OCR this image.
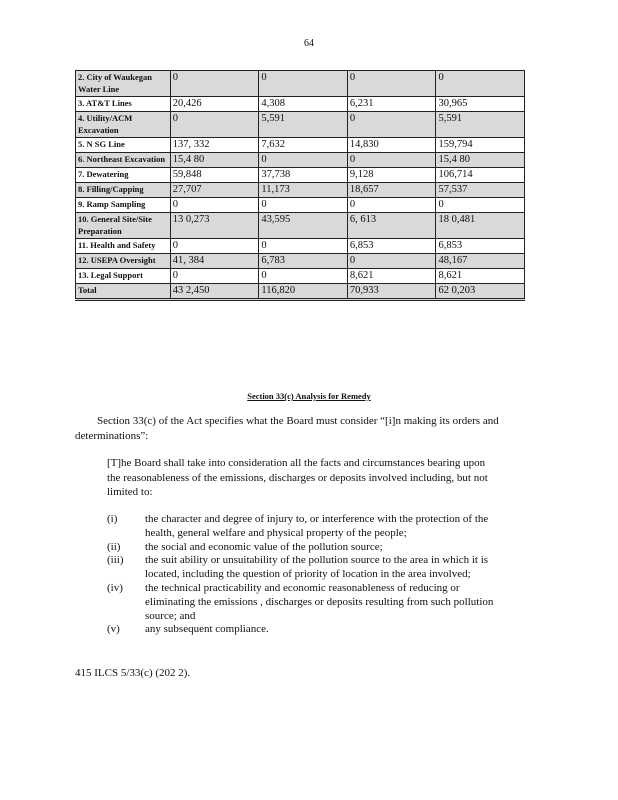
64
2. City of Waukegan Water Line	0	0	0	0
3. AT&T Lines	20,426	4,308	6,231	30,965
4. Utility/ACM Excavation	0	5,591	0	5,591
5. N SG Line	137, 332	7,632	14,830	159,794
6. Northeast Excavation	15,4 80	0	0	15,4 80
7. Dewatering	59,848	37,738	9,128	106,714
8. Filling/Capping	27,707	11,173	18,657	57,537
9. Ramp Sampling	0	0	0	0
10. General Site/Site Preparation	13 0,273	43,595	6, 613	18 0,481
11. Health and Safety	0	0	6,853	6,853
12. USEPA Oversight	41, 384	6,783	0	48,167
13. Legal Support	0	0	8,621	8,621
Total	43 2,450	116,820	70,933	62 0,203
Section 33(c) Analysis for Remedy
Section 33(c) of the Act specifies what the Board must consider “[i]n making its orders and determinations”:
[T]he Board shall take into consideration all the facts and circumstances bearing upon the reasonableness of the emissions, discharges or deposits involved including, but not limited to:
(i)	the character and degree of injury to, or interference with the protection of the health, general welfare and physical property of the people;
(ii)	the social and economic value of the pollution source;
(iii)	the suit ability or unsuitability of the pollution source to the area in which it is located, including the question of priority of location in the area involved;
(iv)	the technical practicability and economic reasonableness of reducing or eliminating the emissions , discharges or deposits resulting from such pollution source; and
(v)	any subsequent compliance.
415 ILCS 5/33(c) (202 2).
